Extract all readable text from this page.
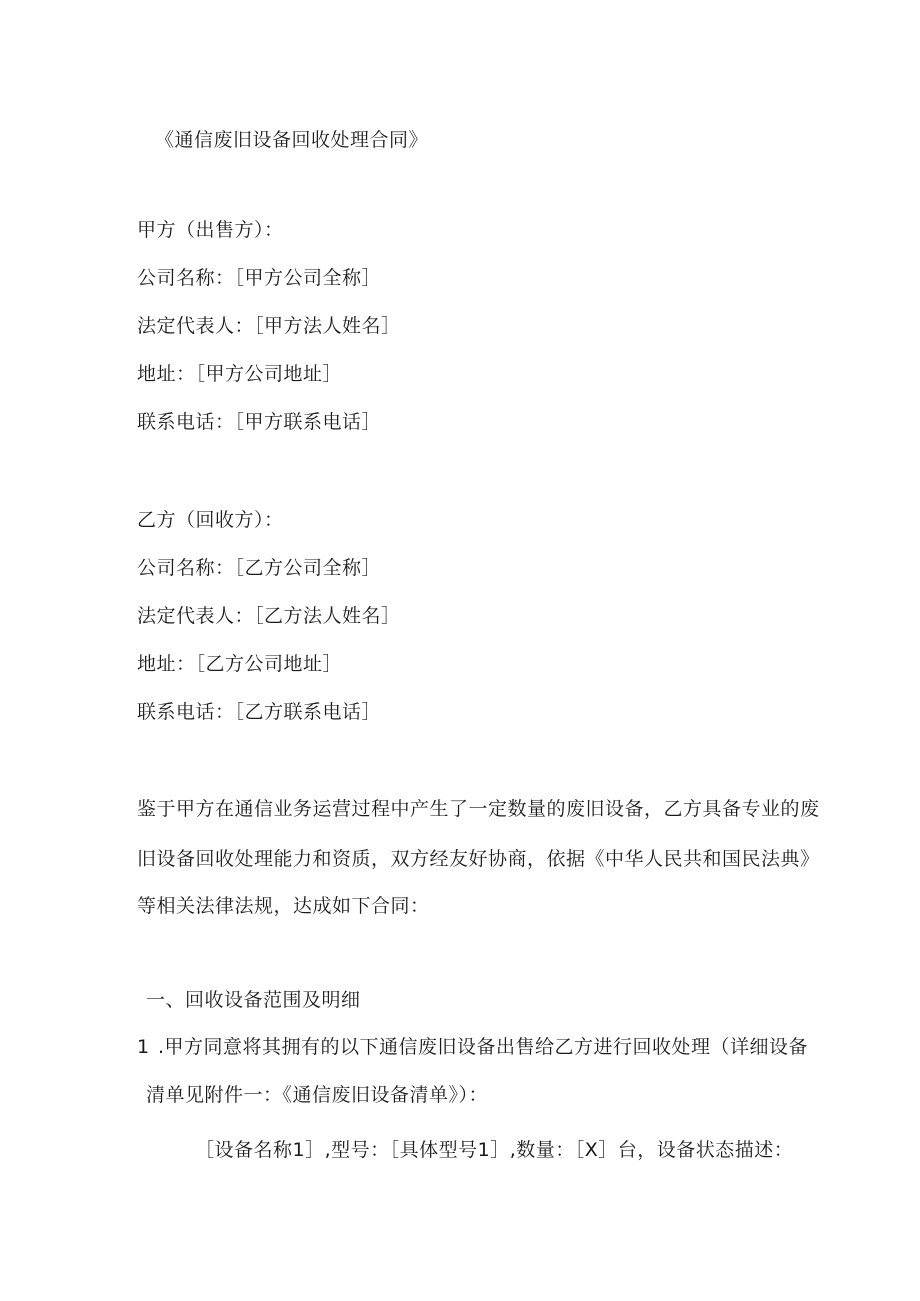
《通信废旧设备回收处理合同》
甲方（出售方）：
公司名称：［甲方公司全称］
法定代表人：［甲方法人姓名］
地址：［甲方公司地址］
联系电话：［甲方联系电话］
乙方（回收方）：
公司名称：［乙方公司全称］
法定代表人：［乙方法人姓名］
地址：［乙方公司地址］
联系电话：［乙方联系电话］
鉴于甲方在通信业务运营过程中产生了一定数量的废旧设备，乙方具备专业的废
旧设备回收处理能力和资质，双方经友好协商，依据《中华人民共和国民法典》
等相关法律法规，达成如下合同：
一、回收设备范围及明细
1 .甲方同意将其拥有的以下通信废旧设备出售给乙方进行回收处理（详细设备
清单见附件一：《通信废旧设备清单》）：
［设备名称1］,型号：［具体型号1］,数量：［X］台，设备状态描述：
